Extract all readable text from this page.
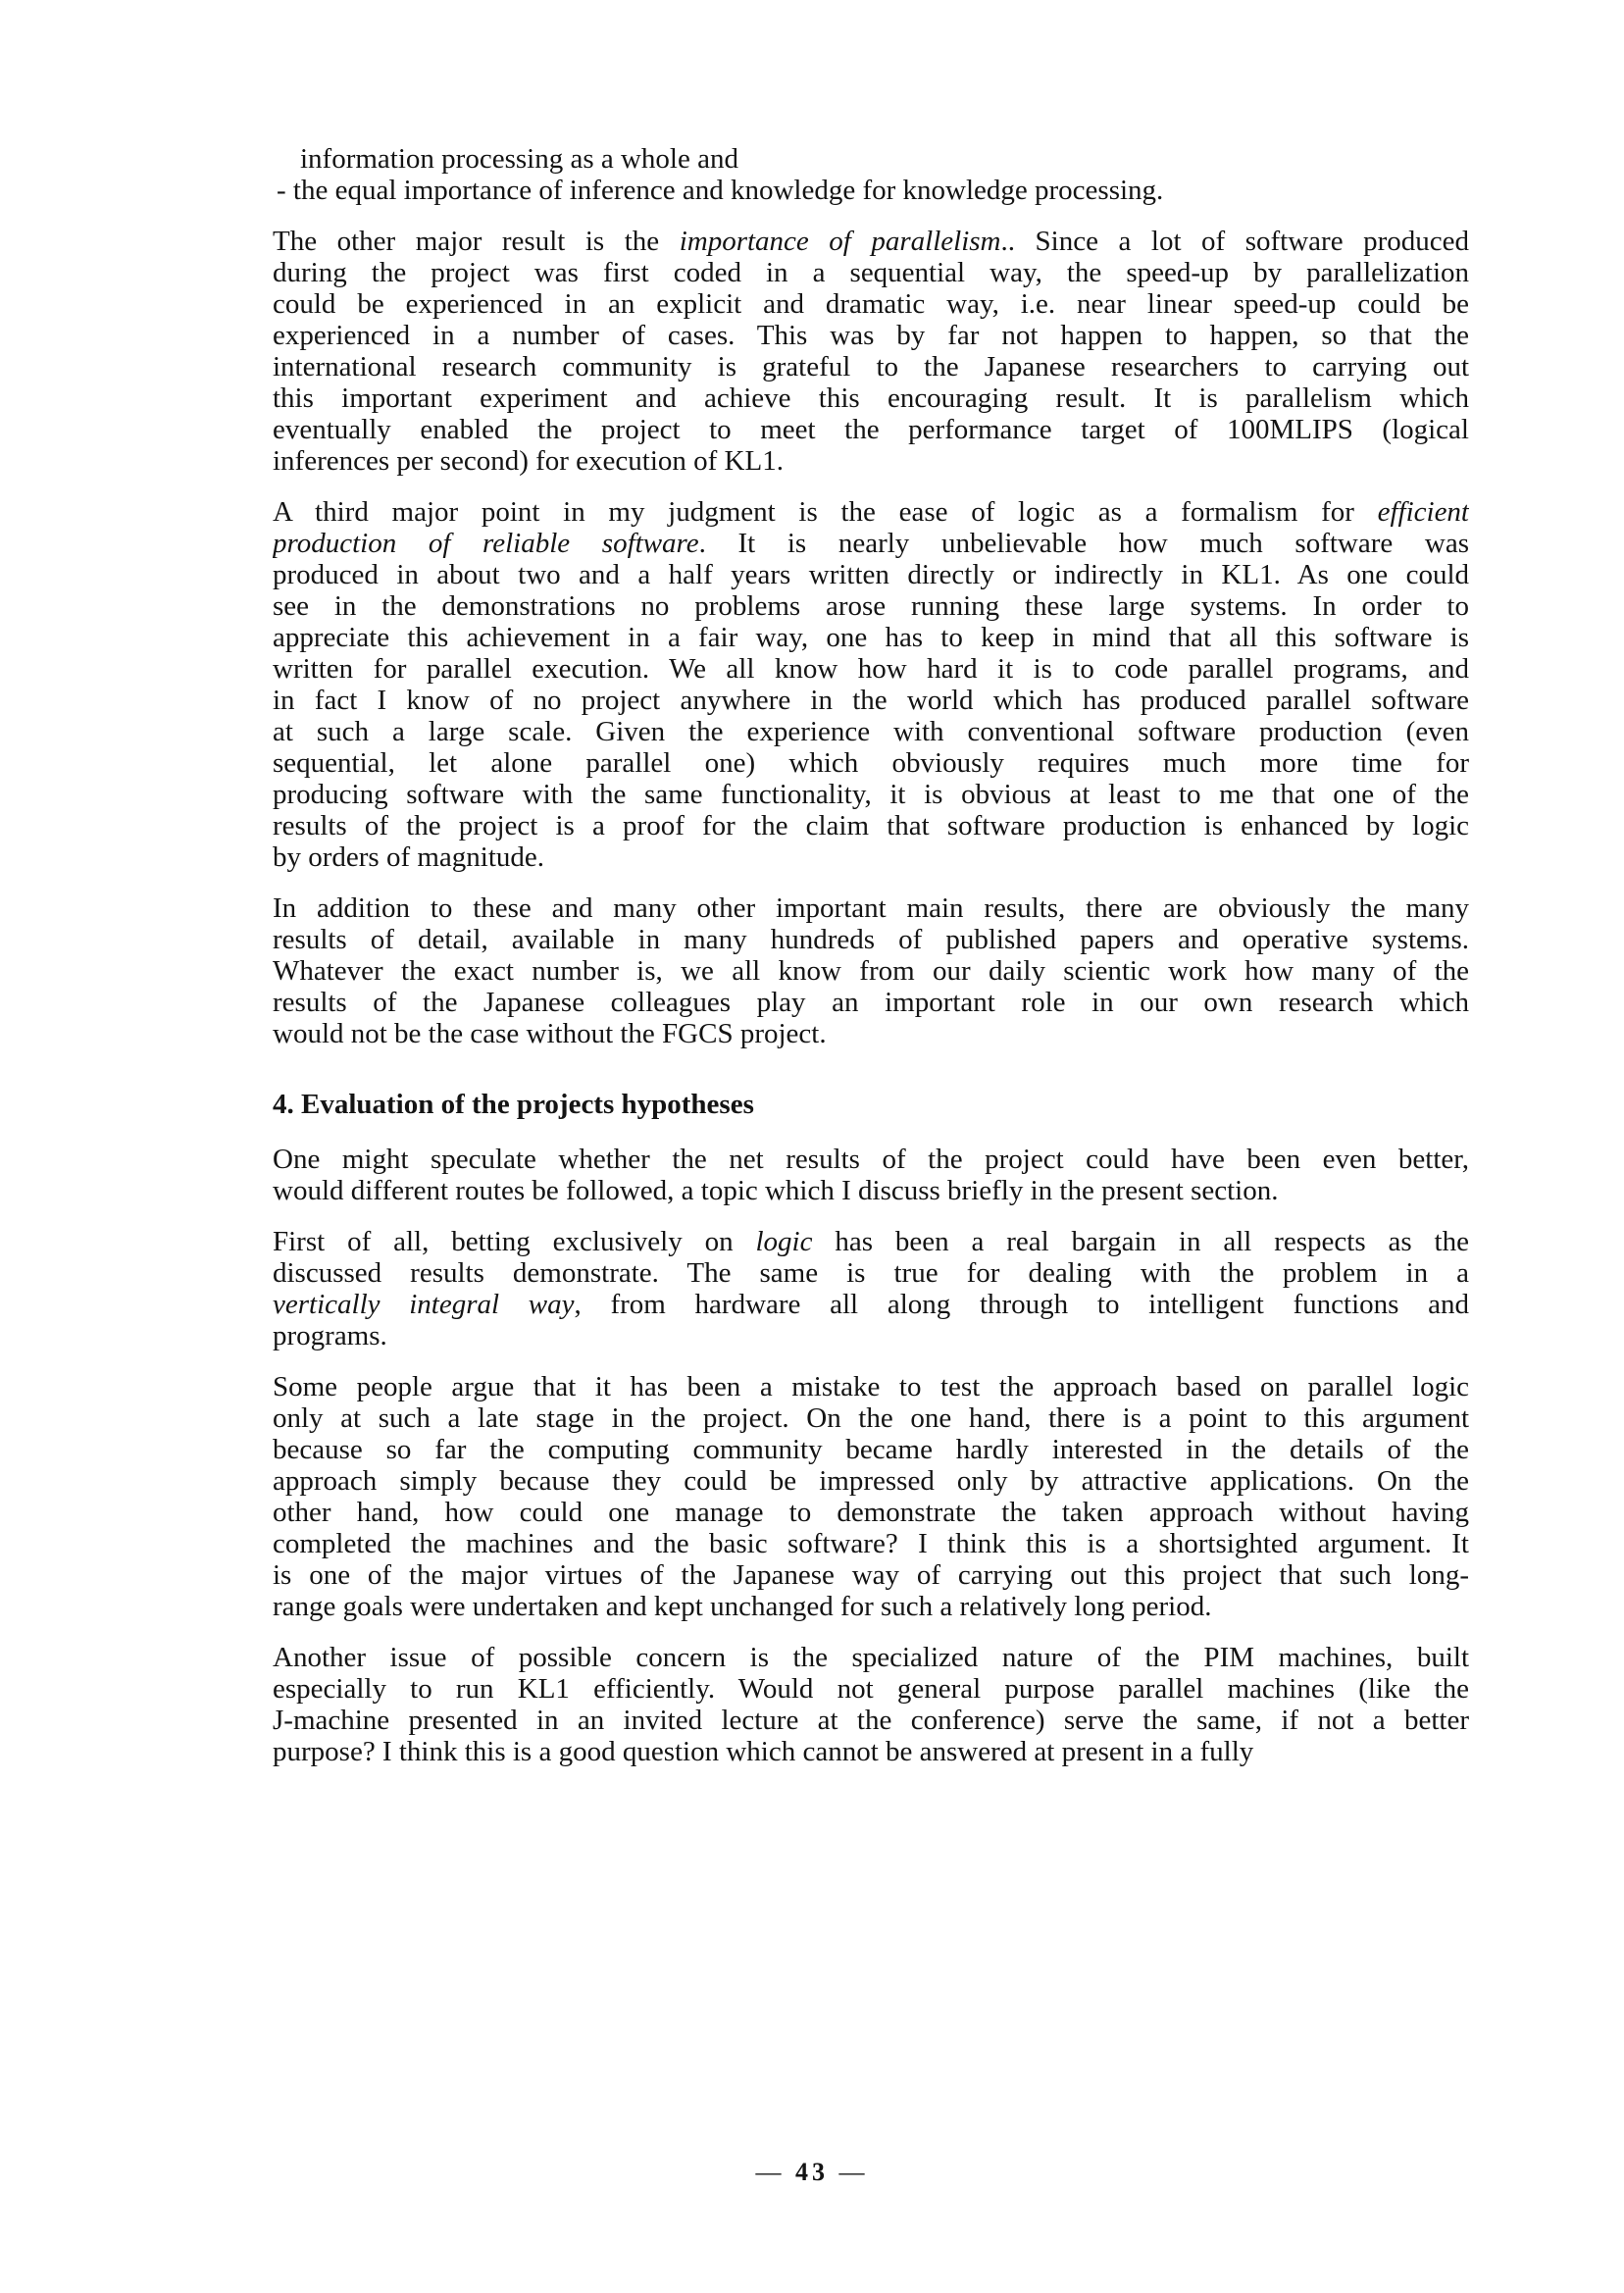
information processing as a whole and
- the equal importance of inference and knowledge for knowledge processing.
The other major result is the importance of parallelism.. Since a lot of software produced
during the project was first coded in a sequential way, the speed-up by parallelization
could be experienced in an explicit and dramatic way, i.e. near linear speed-up could be
experienced in a number of cases. This was by far not happen to happen, so that the
international research community is grateful to the Japanese researchers to carrying out
this important experiment and achieve this encouraging result. It is parallelism which
eventually enabled the project to meet the performance target of 100MLIPS (logical
inferences per second) for execution of KL1.
A third major point in my judgment is the ease of logic as a formalism for efficient
production of reliable software. It is nearly unbelievable how much software was
produced in about two and a half years written directly or indirectly in KL1. As one could
see in the demonstrations no problems arose running these large systems. In order to
appreciate this achievement in a fair way, one has to keep in mind that all this software is
written for parallel execution. We all know how hard it is to code parallel programs, and
in fact I know of no project anywhere in the world which has produced parallel software
at such a large scale. Given the experience with conventional software production (even
sequential, let alone parallel one) which obviously requires much more time for
producing software with the same functionality, it is obvious at least to me that one of the
results of the project is a proof for the claim that software production is enhanced by logic
by orders of magnitude.
In addition to these and many other important main results, there are obviously the many
results of detail, available in many hundreds of published papers and operative systems.
Whatever the exact number is, we all know from our daily scientic work how many of the
results of the Japanese colleagues play an important role in our own research which
would not be the case without the FGCS project.
4. Evaluation of the projects hypotheses
One might speculate whether the net results of the project could have been even better,
would different routes be followed, a topic which I discuss briefly in the present section.
First of all, betting exclusively on logic has been a real bargain in all respects as the
discussed results demonstrate. The same is true for dealing with the problem in a
vertically integral way, from hardware all along through to intelligent functions and
programs.
Some people argue that it has been a mistake to test the approach based on parallel logic
only at such a late stage in the project. On the one hand, there is a point to this argument
because so far the computing community became hardly interested in the details of the
approach simply because they could be impressed only by attractive applications. On the
other hand, how could one manage to demonstrate the taken approach without having
completed the machines and the basic software? I think this is a shortsighted argument. It
is one of the major virtues of the Japanese way of carrying out this project that such long-
range goals were undertaken and kept unchanged for such a relatively long period.
Another issue of possible concern is the specialized nature of the PIM machines, built
especially to run KL1 efficiently. Would not general purpose parallel machines (like the
J-machine presented in an invited lecture at the conference) serve the same, if not a better
purpose? I think this is a good question which cannot be answered at present in a fully
— 43 —
